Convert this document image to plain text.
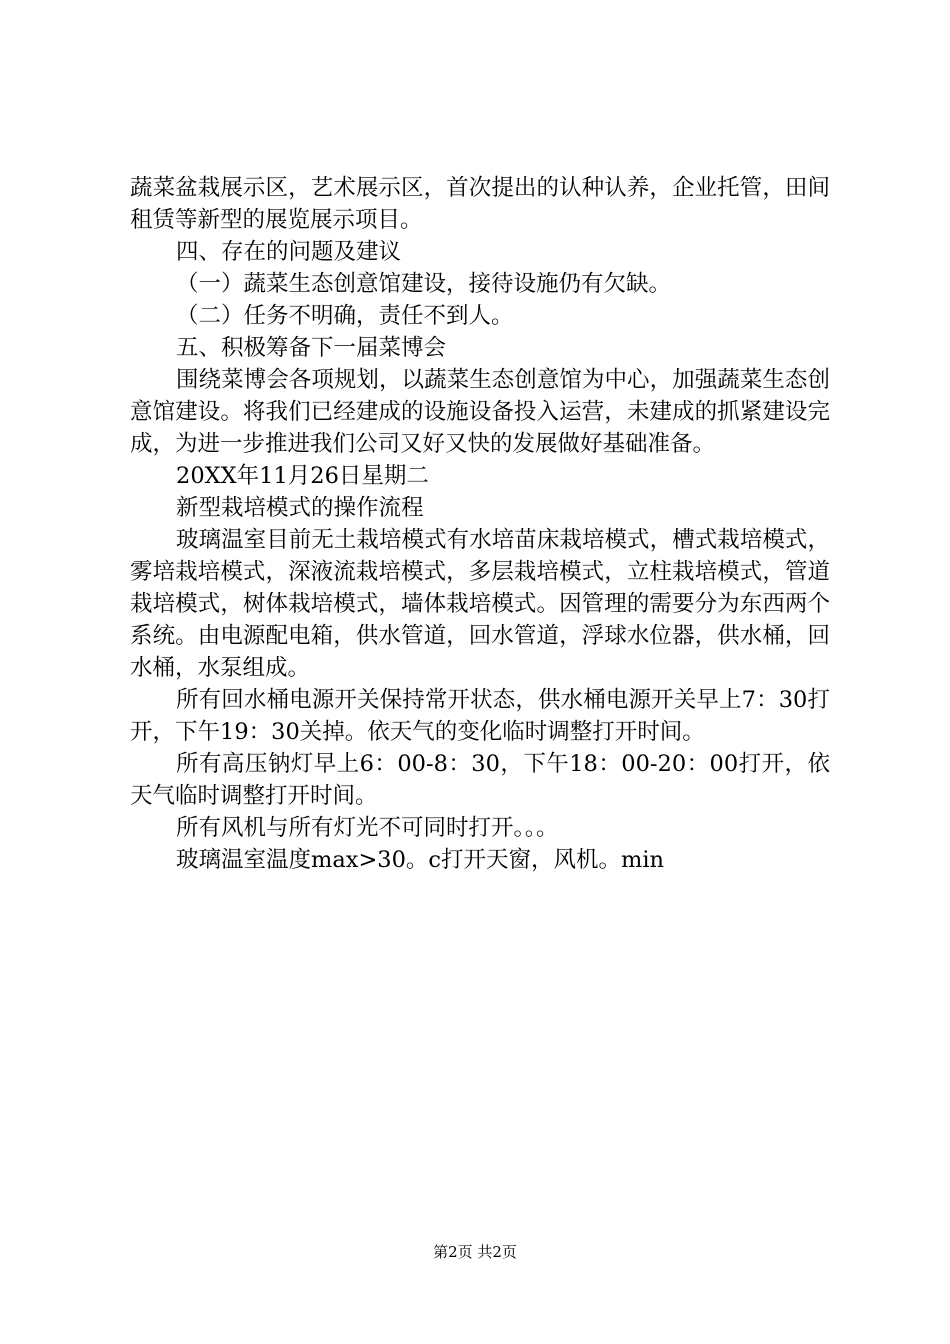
蔬菜盆栽展示区，艺术展示区，首次提出的认种认养，企业托管，田间租赁等新型的展览展示项目。

四、存在的问题及建议

（一）蔬菜生态创意馆建设，接待设施仍有欠缺。

（二）任务不明确，责任不到人。

五、积极筹备下一届菜博会

围绕菜博会各项规划，以蔬菜生态创意馆为中心，加强蔬菜生态创意馆建设。将我们已经建成的设施设备投入运营，未建成的抓紧建设完成，为进一步推进我们公司又好又快的发展做好基础准备。

20XX年11月26日星期二

新型栽培模式的操作流程

玻璃温室目前无土栽培模式有水培苗床栽培模式，槽式栽培模式，雾培栽培模式，深液流栽培模式，多层栽培模式，立柱栽培模式，管道栽培模式，树体栽培模式，墙体栽培模式。因管理的需要分为东西两个系统。由电源配电箱，供水管道，回水管道，浮球水位器，供水桶，回水桶，水泵组成。

所有回水桶电源开关保持常开状态，供水桶电源开关早上7：30打开，下午19：30关掉。依天气的变化临时调整打开时间。

所有高压钠灯早上6：00-8：30，下午18：00-20：00打开，依天气临时调整打开时间。

所有风机与所有灯光不可同时打开。。。

玻璃温室温度max>30。c打开天窗，风机。min

第2页 共2页
